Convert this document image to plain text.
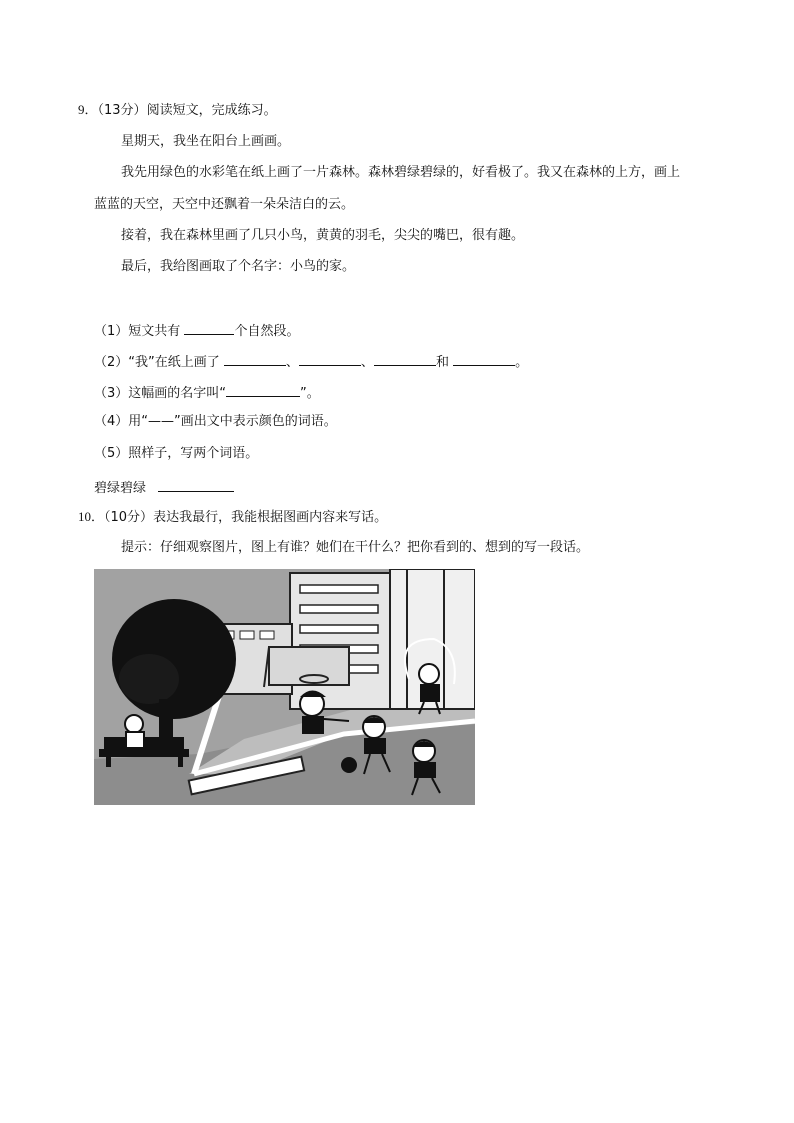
9．（13分）阅读短文，完成练习。
星期天，我坐在阳台上画画。
我先用绿色的水彩笔在纸上画了一片森林。森林碧绿碧绿的，好看极了。我又在森林的上方，画上
蓝蓝的天空，天空中还飘着一朵朵洁白的云。
接着，我在森林里画了几只小鸟，黄黄的羽毛，尖尖的嘴巴，很有趣。
最后，我给图画取了个名字：小鸟的家。
（1）短文共有	个自然段。
（2）“我”在纸上画了	、	、	和	。
（3）这幅画的名字叫“	”。
（4）用“——”画出文中表示颜色的词语。
（5）照样子，写两个词语。
碧绿碧绿
10．（10分）表达我最行，我能根据图画内容来写话。
提示：仔细观察图片，图上有谁？她们在干什么？把你看到的、想到的写一段话。
